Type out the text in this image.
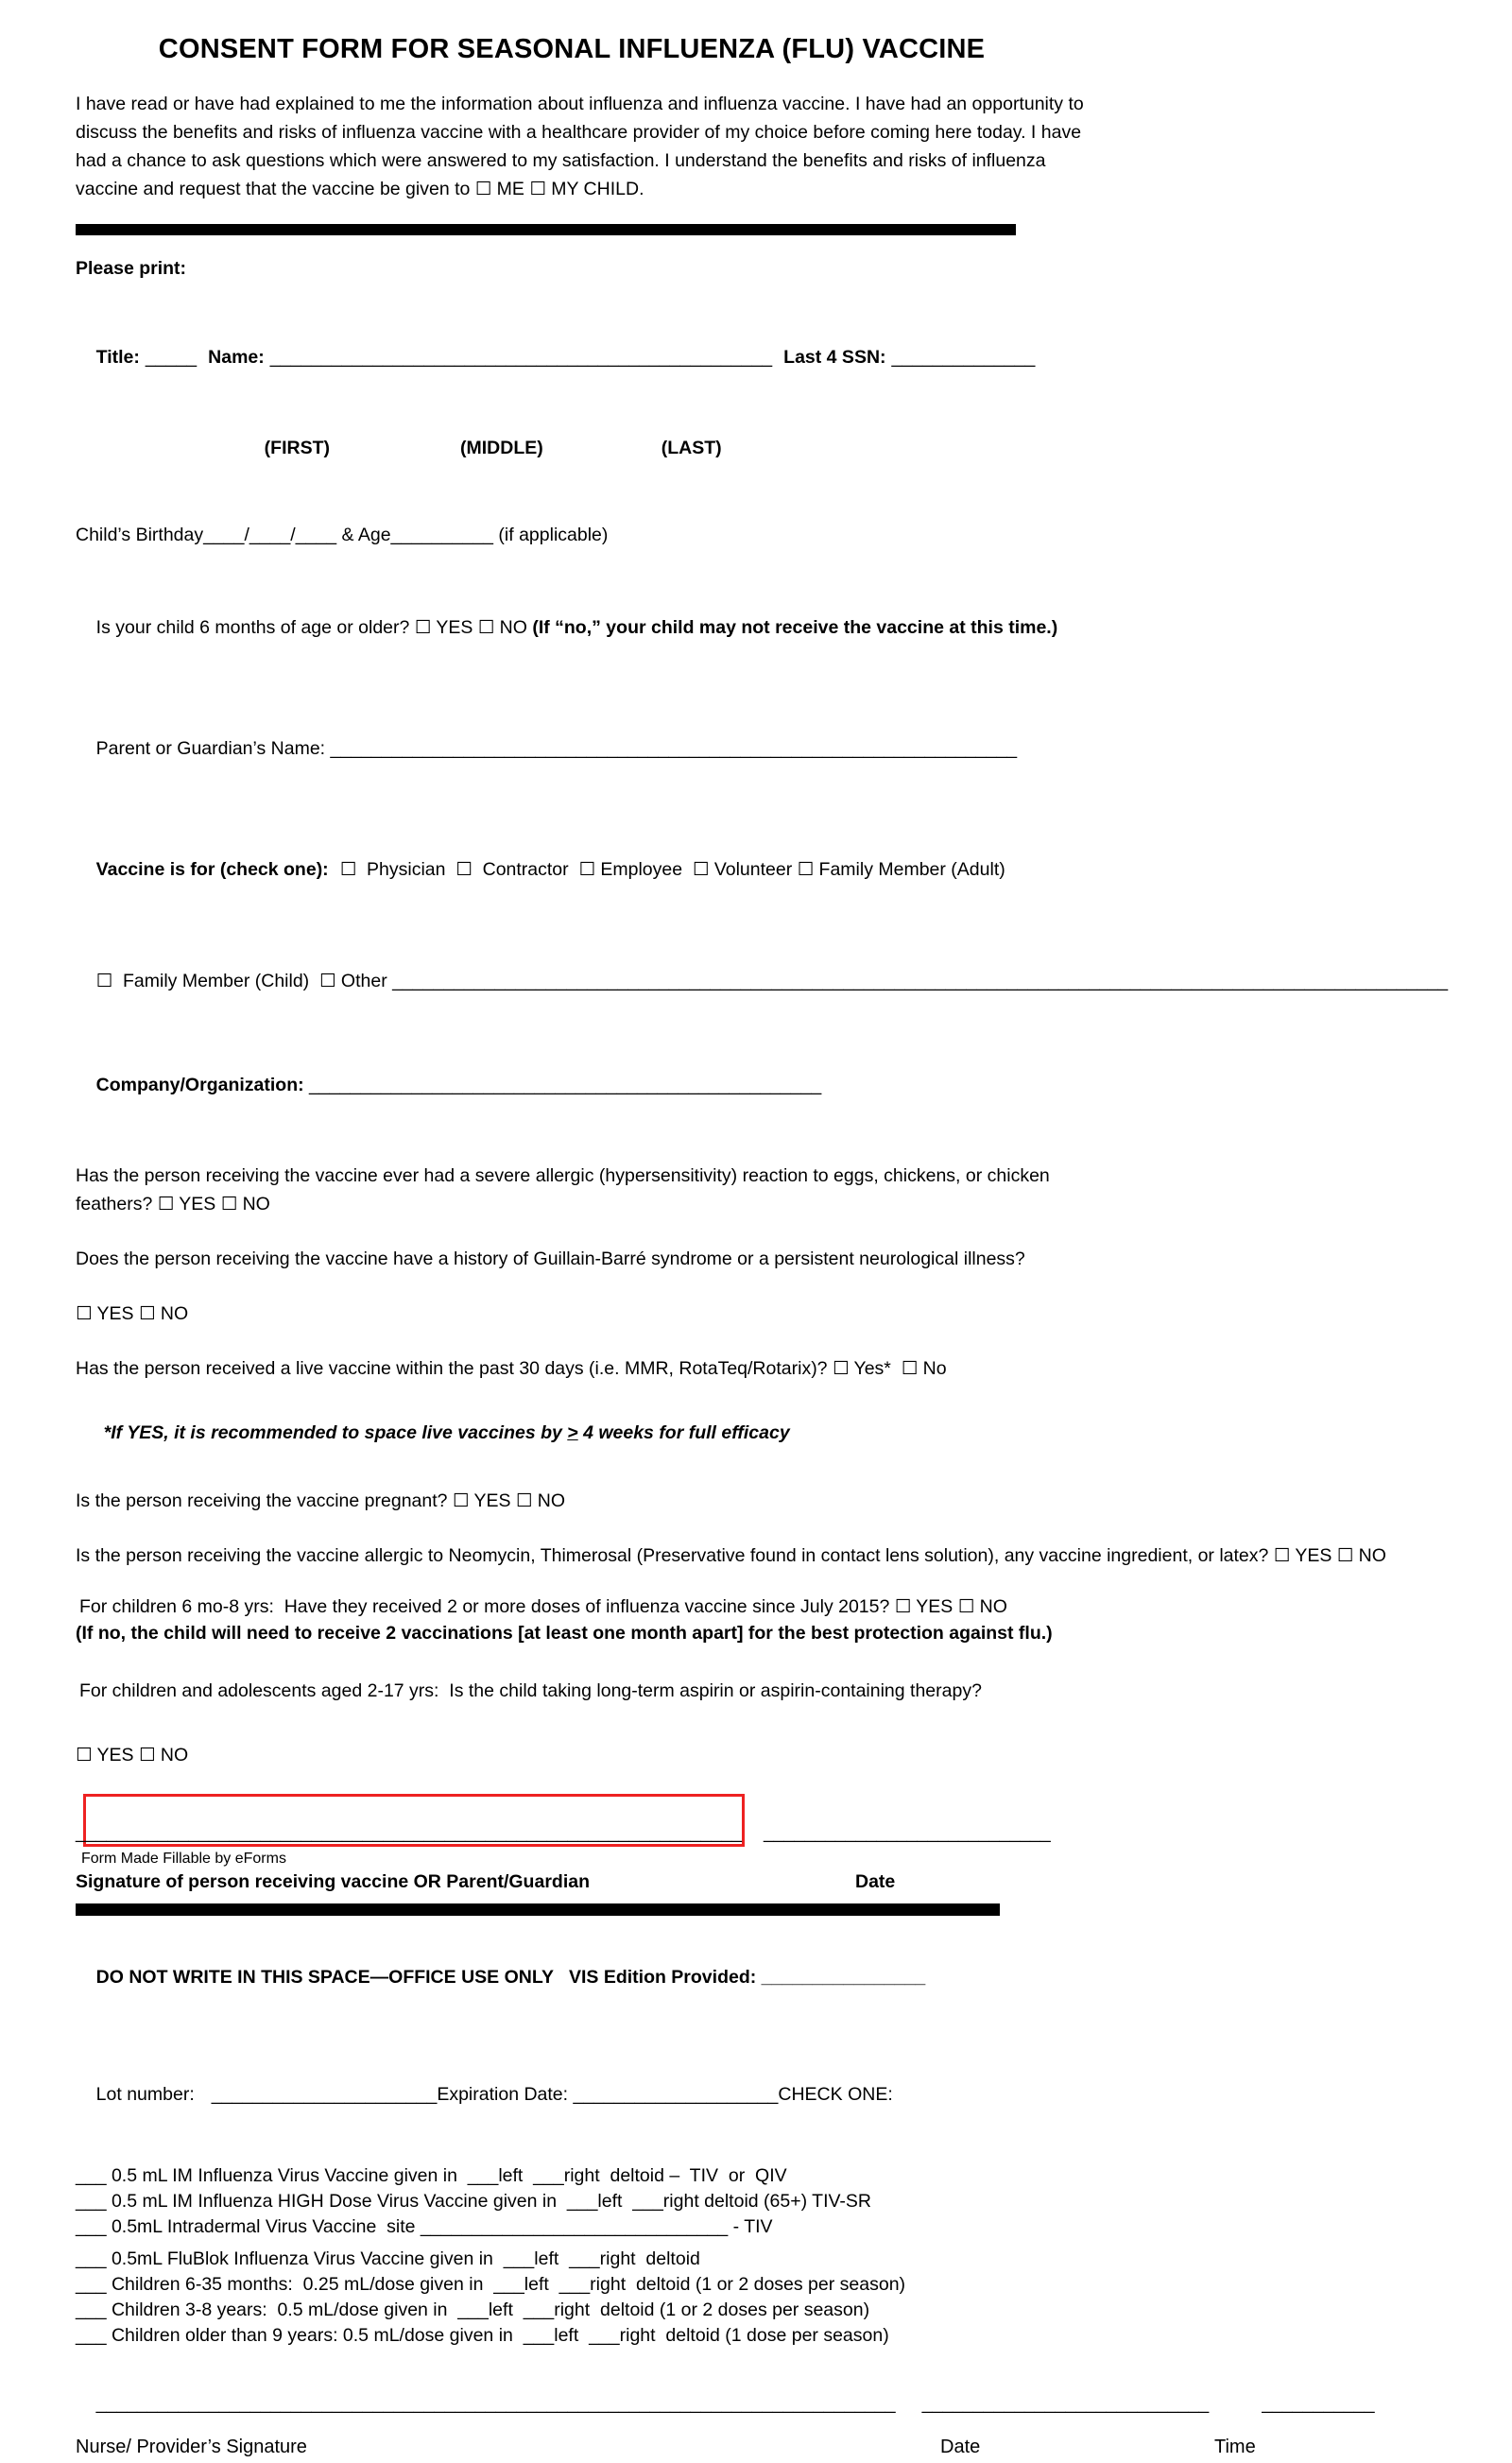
CONSENT FORM FOR SEASONAL INFLUENZA (FLU) VACCINE
I have read or have had explained to me the information about influenza and influenza vaccine. I have had an opportunity to discuss the benefits and risks of influenza vaccine with a healthcare provider of my choice before coming here today. I have had a chance to ask questions which were answered to my satisfaction. I understand the benefits and risks of influenza vaccine and request that the vaccine be given to ☐ ME ☐ MY CHILD.
Please print:

Title: _____ Name: _________________________________________________ Last 4 SSN: ______________

(FIRST)	(MIDDLE)	(LAST)

Child’s Birthday____/____/____ & Age__________ (if applicable)

Is your child 6 months of age or older? ☐ YES ☐ NO (If “no,” your child may not receive the vaccine at this time.)

Parent or Guardian’s Name: ___________________________________________________________________

Vaccine is for (check one): ☐  Physician  ☐  Contractor  ☐ Employee  ☐ Volunteer ☐ Family Member (Adult)

☐  Family Member (Child)  ☐ Other _______________________________________________________________________________________________________

Company/Organization: __________________________________________________

Has the person receiving the vaccine ever had a severe allergic (hypersensitivity) reaction to eggs, chickens, or chicken feathers? ☐ YES ☐ NO
Does the person receiving the vaccine have a history of Guillain-Barré syndrome or a persistent neurological illness?
☐ YES ☐ NO
Has the person received a live vaccine within the past 30 days (i.e. MMR, RotaTeq/Rotarix)? ☐ Yes*  ☐ No

*If YES, it is recommended to space live vaccines by > 4 weeks for full efficacy

Is the person receiving the vaccine pregnant? ☐ YES ☐ NO
Is the person receiving the vaccine allergic to Neomycin, Thimerosal (Preservative found in contact lens solution), any vaccine ingredient, or latex? ☐ YES ☐ NO
For children 6 mo-8 yrs:  Have they received 2 or more doses of influenza vaccine since July 2015? ☐ YES ☐ NO
(If no, the child will need to receive 2 vaccinations [at least one month apart] for the best protection against flu.)
For children and adolescents aged 2-17 yrs:  Is the child taking long-term aspirin or aspirin-containing therapy?
☐ YES ☐ NO
_________________________________________________________________ ____________________________
Signature of person receiving vaccine OR Parent/Guardian	Date

DO NOT WRITE IN THIS SPACE—OFFICE USE ONLY VIS Edition Provided: ________________

Lot number: ______________________Expiration Date: ____________________CHECK ONE:

___ 0.5 mL IM Influenza Virus Vaccine given in  ___left  ___right  deltoid –  TIV  or  QIV
___ 0.5 mL IM Influenza HIGH Dose Virus Vaccine given in  ___left  ___right deltoid (65+) TIV-SR
___ 0.5mL Intradermal Virus Vaccine  site ______________________________ - TIV
___ 0.5mL FluBlok Influenza Virus Vaccine given in  ___left  ___right  deltoid
___ Children 6-35 months:  0.25 mL/dose given in  ___left  ___right  deltoid (1 or 2 doses per season)
___ Children 3-8 years:  0.5 mL/dose given in  ___left  ___right  deltoid (1 or 2 doses per season)
___ Children older than 9 years: 0.5 mL/dose given in  ___left  ___right  deltoid (1 dose per season)

______________________________________________________________________________ ____________________________	___________

Nurse/ Provider’s Signature	Date	Time
Form Made Fillable by eForms
